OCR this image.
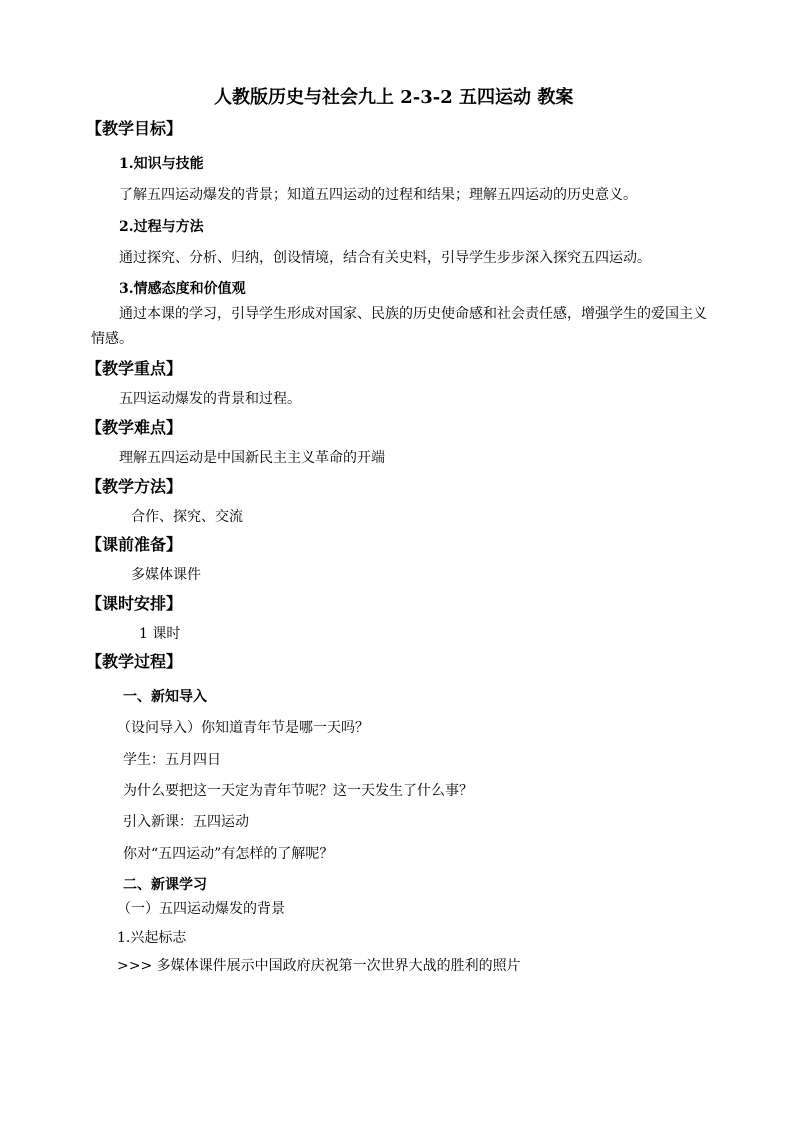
人教版历史与社会九上 2-3-2 五四运动 教案
【教学目标】
1.知识与技能
了解五四运动爆发的背景；知道五四运动的过程和结果；理解五四运动的历史意义。
2.过程与方法
通过探究、分析、归纳，创设情境，结合有关史料，引导学生步步深入探究五四运动。
3.情感态度和价值观
通过本课的学习，引导学生形成对国家、民族的历史使命感和社会责任感，增强学生的爱国主义
情感。
【教学重点】
五四运动爆发的背景和过程。
【教学难点】
理解五四运动是中国新民主主义革命的开端
【教学方法】
合作、探究、交流
【课前准备】
多媒体课件
【课时安排】
1 课时
【教学过程】
一、新知导入
（设问导入）你知道青年节是哪一天吗？
学生：五月四日
为什么要把这一天定为青年节呢？这一天发生了什么事？
引入新课：五四运动
你对“五四运动”有怎样的了解呢？
二、新课学习
（一）五四运动爆发的背景
1.兴起标志
>>> 多媒体课件展示中国政府庆祝第一次世界大战的胜利的照片
